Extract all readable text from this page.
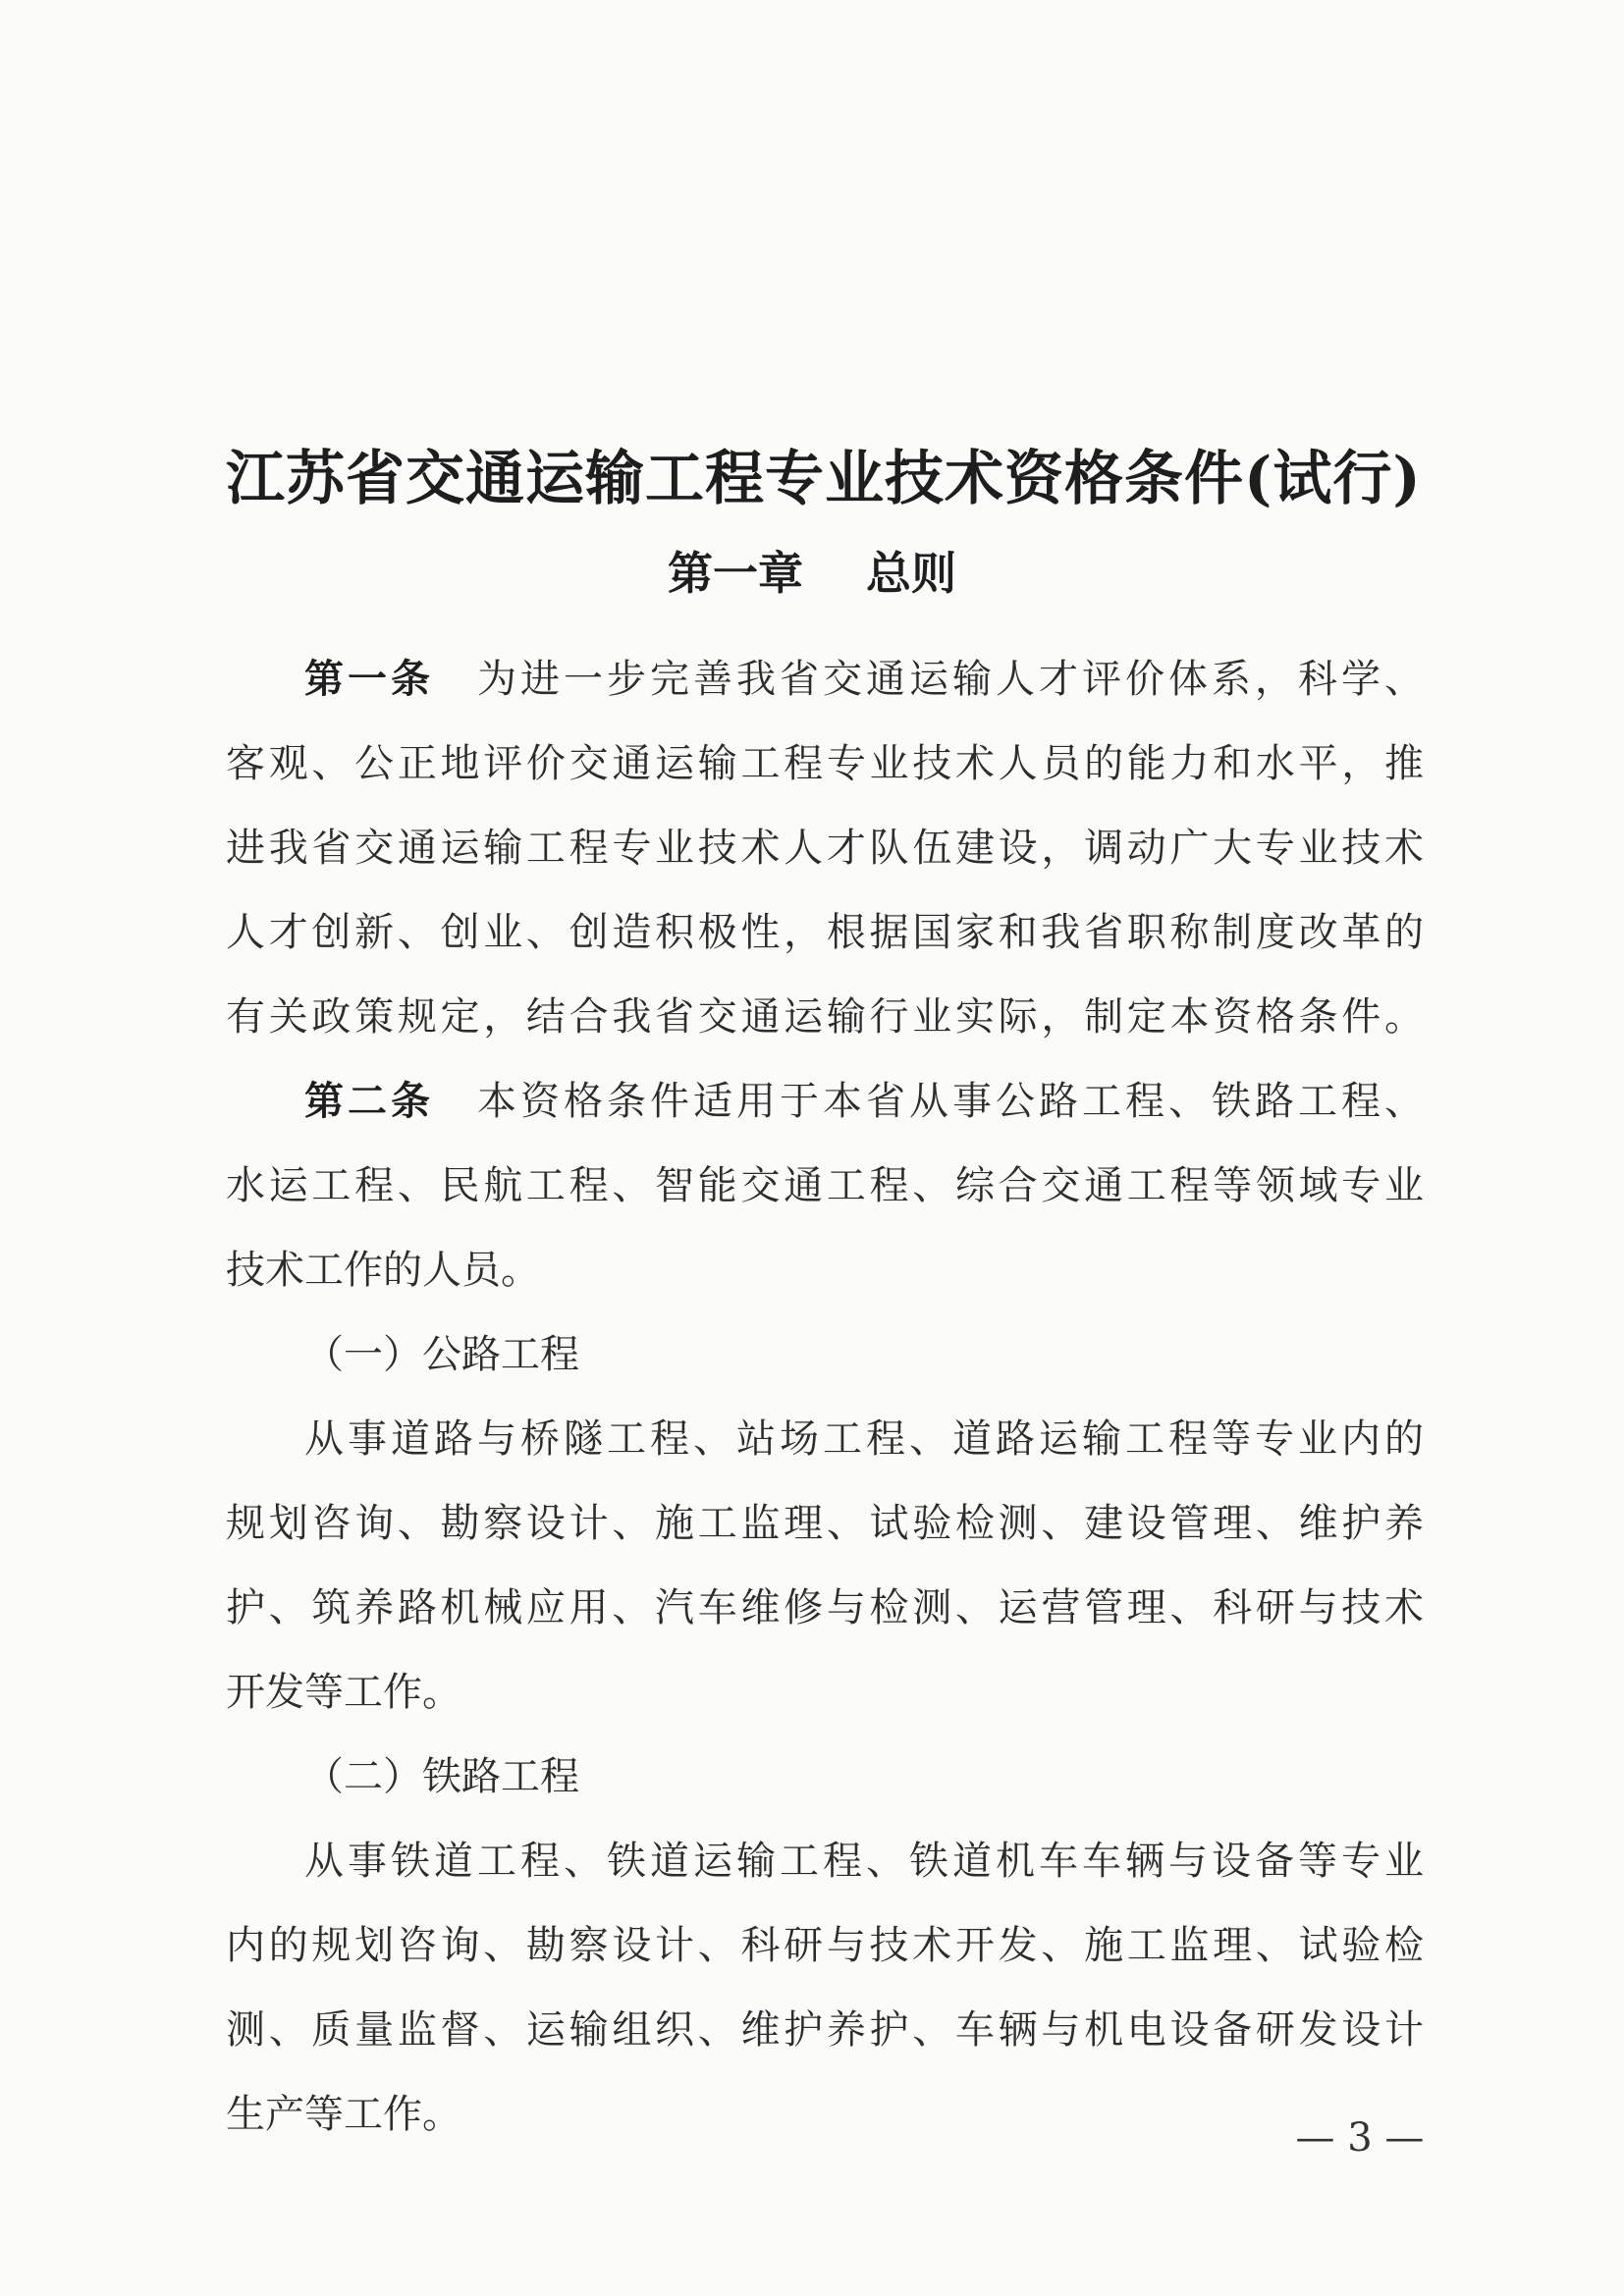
江苏省交通运输工程专业技术资格条件(试行)
第一章    总则
第一条 为进一步完善我省交通运输人才评价体系，科学、
客观、公正地评价交通运输工程专业技术人员的能力和水平，推
进我省交通运输工程专业技术人才队伍建设，调动广大专业技术
人才创新、创业、创造积极性，根据国家和我省职称制度改革的
有关政策规定，结合我省交通运输行业实际，制定本资格条件。
第二条 本资格条件适用于本省从事公路工程、铁路工程、
水运工程、民航工程、智能交通工程、综合交通工程等领域专业
技术工作的人员。
（一）公路工程
从事道路与桥隧工程、站场工程、道路运输工程等专业内的
规划咨询、勘察设计、施工监理、试验检测、建设管理、维护养
护、筑养路机械应用、汽车维修与检测、运营管理、科研与技术
开发等工作。
（二）铁路工程
从事铁道工程、铁道运输工程、铁道机车车辆与设备等专业
内的规划咨询、勘察设计、科研与技术开发、施工监理、试验检
测、质量监督、运输组织、维护养护、车辆与机电设备研发设计
生产等工作。
— 3 —
